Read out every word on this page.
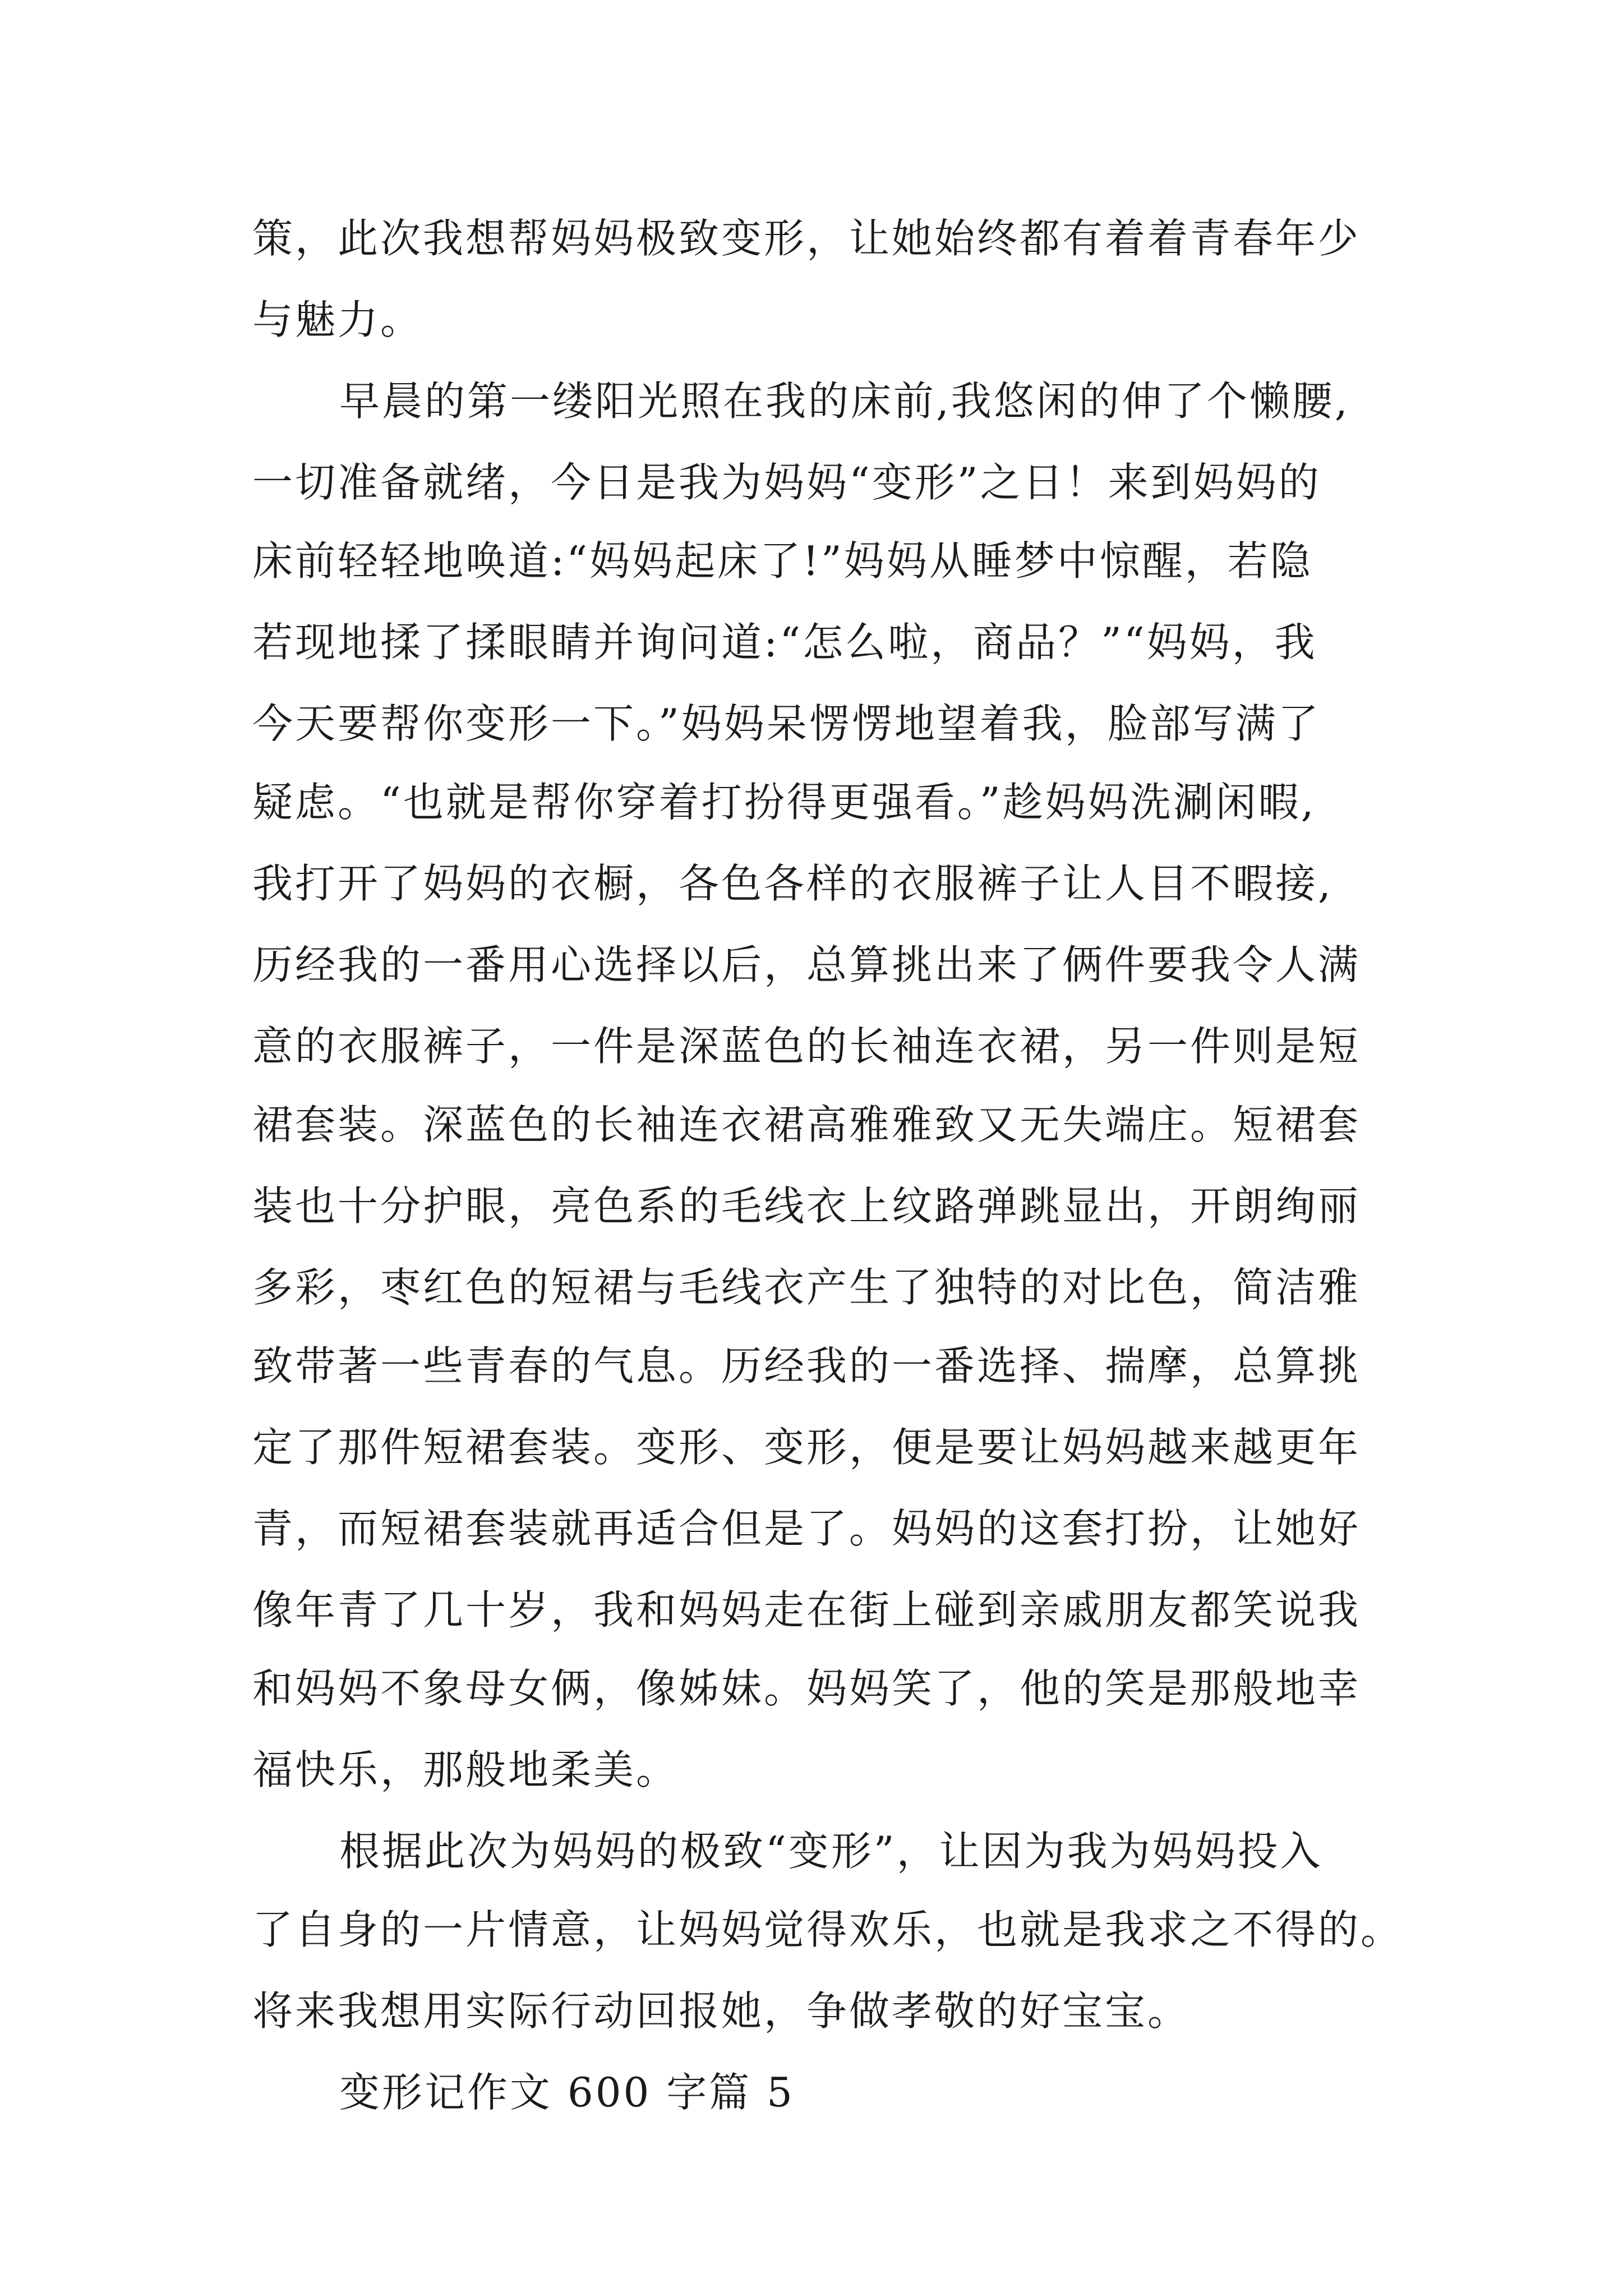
策，此次我想帮妈妈极致变形，让她始终都有着着青春年少
与魅力。
早晨的第一缕阳光照在我的床前,我悠闲的伸了个懒腰,
一切准备就绪，今日是我为妈妈“变形”之日！来到妈妈的
床前轻轻地唤道:“妈妈起床了!”妈妈从睡梦中惊醒，若隐
若现地揉了揉眼睛并询问道:“怎么啦，商品？”“妈妈，我
今天要帮你变形一下。”妈妈呆愣愣地望着我，脸部写满了
疑虑。“也就是帮你穿着打扮得更强看。”趁妈妈洗涮闲暇,
我打开了妈妈的衣橱，各色各样的衣服裤子让人目不暇接,
历经我的一番用心选择以后，总算挑出来了俩件要我令人满
意的衣服裤子，一件是深蓝色的长袖连衣裙，另一件则是短
裙套装。深蓝色的长袖连衣裙高雅雅致又无失端庄。短裙套
装也十分护眼，亮色系的毛线衣上纹路弹跳显出，开朗绚丽
多彩，枣红色的短裙与毛线衣产生了独特的对比色，简洁雅
致带著一些青春的气息。历经我的一番选择、揣摩，总算挑
定了那件短裙套装。变形、变形，便是要让妈妈越来越更年
青，而短裙套装就再适合但是了。妈妈的这套打扮，让她好
像年青了几十岁，我和妈妈走在街上碰到亲戚朋友都笑说我
和妈妈不象母女俩，像姊妹。妈妈笑了，他的笑是那般地幸
福快乐，那般地柔美。
根据此次为妈妈的极致“变形”，让因为我为妈妈投入
了自身的一片情意，让妈妈觉得欢乐，也就是我求之不得的。
将来我想用实际行动回报她，争做孝敬的好宝宝。
变形记作文 600 字篇 5
